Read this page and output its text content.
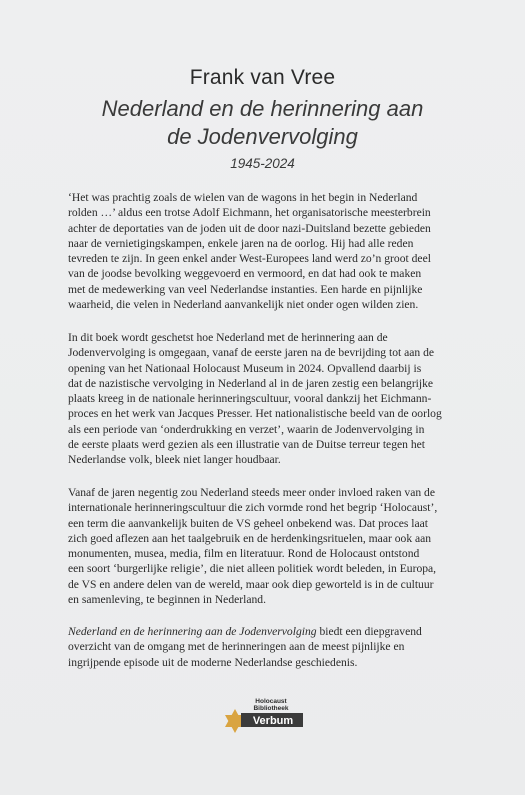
Frank van Vree
Nederland en de herinnering aan
de Jodenvervolging
1945-2024
‘Het was prachtig zoals de wielen van de wagons in het begin in Nederland
rolden …’ aldus een trotse Adolf Eichmann, het organisatorische meesterbrein
achter de deportaties van de joden uit de door nazi-Duitsland bezette gebieden
naar de vernietigingskampen, enkele jaren na de oorlog. Hij had alle reden
tevreden te zijn. In geen enkel ander West-Europees land werd zo’n groot deel
van de joodse bevolking weggevoerd en vermoord, en dat had ook te maken
met de medewerking van veel Nederlandse instanties. Een harde en pijnlijke
waarheid, die velen in Nederland aanvankelijk niet onder ogen wilden zien.
In dit boek wordt geschetst hoe Nederland met de herinnering aan de
Jodenvervolging is omgegaan, vanaf de eerste jaren na de bevrijding tot aan de
opening van het Nationaal Holocaust Museum in 2024. Opvallend daarbij is
dat de nazistische vervolging in Nederland al in de jaren zestig een belangrijke
plaats kreeg in de nationale herinneringscultuur, vooral dankzij het Eichmann-
proces en het werk van Jacques Presser. Het nationalistische beeld van de oorlog
als een periode van ‘onderdrukking en verzet’, waarin de Jodenvervolging in
de eerste plaats werd gezien als een illustratie van de Duitse terreur tegen het
Nederlandse volk, bleek niet langer houdbaar.
Vanaf de jaren negentig zou Nederland steeds meer onder invloed raken van de
internationale herinneringscultuur die zich vormde rond het begrip ‘Holocaust’,
een term die aanvankelijk buiten de VS geheel onbekend was. Dat proces laat
zich goed aflezen aan het taalgebruik en de herdenkingsrituelen, maar ook aan
monumenten, musea, media, film en literatuur. Rond de Holocaust ontstond
een soort ‘burgerlijke religie’, die niet alleen politiek wordt beleden, in Europa,
de VS en andere delen van de wereld, maar ook diep geworteld is in de cultuur
en samenleving, te beginnen in Nederland.
Nederland en de herinnering aan de Jodenvervolging biedt een diepgravend
overzicht van de omgang met de herinneringen aan de meest pijnlijke en
ingrijpende episode uit de moderne Nederlandse geschiedenis.
Holocaust
Bibliotheek
Verbum
